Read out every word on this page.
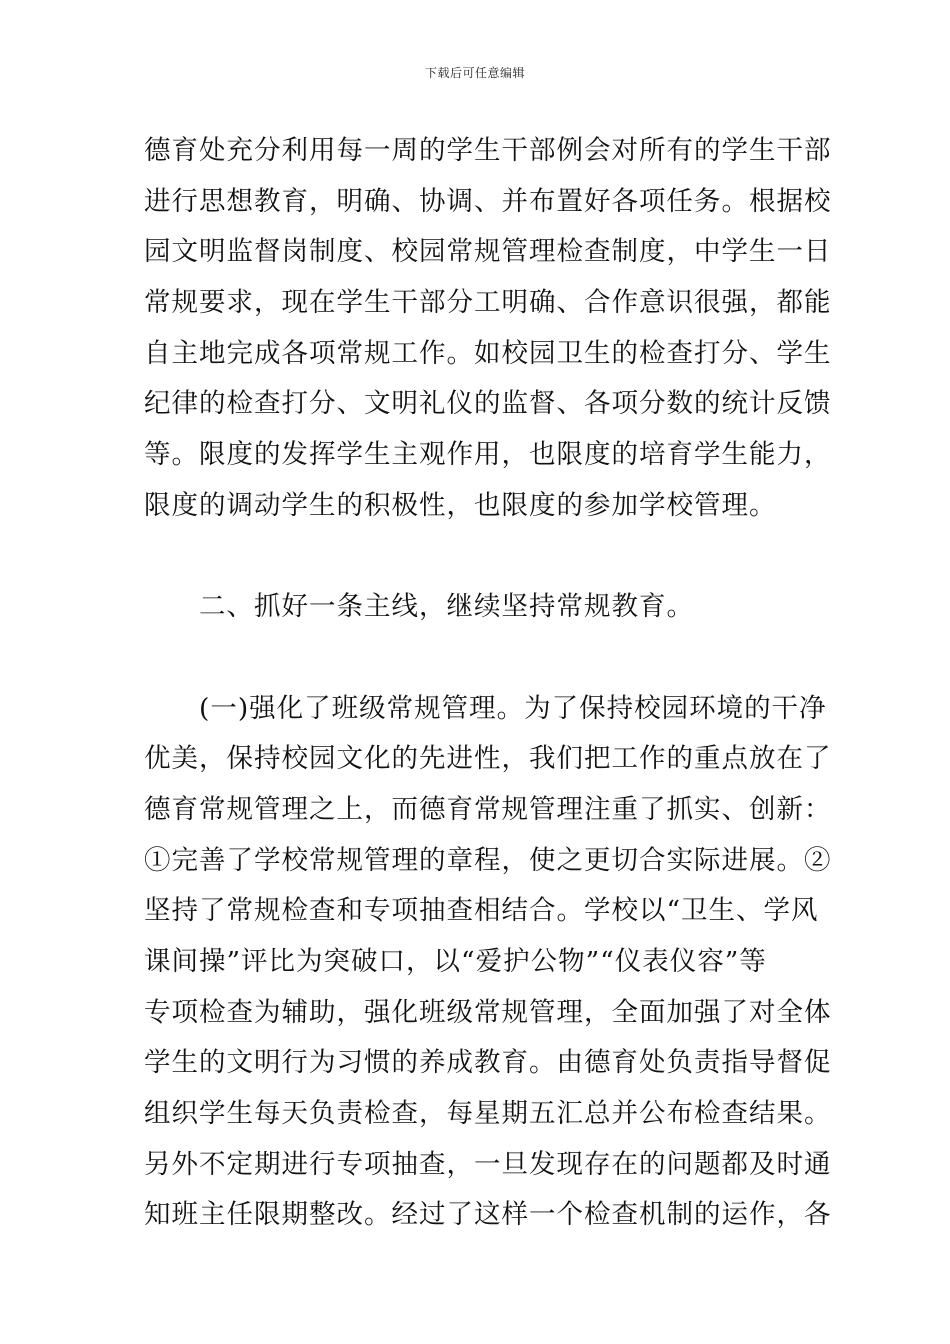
下载后可任意编辑
德育处充分利用每一周的学生干部例会对所有的学生干部
进行思想教育，明确、协调、并布置好各项任务。根据校
园文明监督岗制度、校园常规管理检查制度，中学生一日
常规要求，现在学生干部分工明确、合作意识很强，都能
自主地完成各项常规工作。如校园卫生的检查打分、学生
纪律的检查打分、文明礼仪的监督、各项分数的统计反馈
等。限度的发挥学生主观作用，也限度的培育学生能力，
限度的调动学生的积极性，也限度的参加学校管理。
　　二、抓好一条主线，继续坚持常规教育。
　　(一)强化了班级常规管理。为了保持校园环境的干净
优美，保持校园文化的先进性，我们把工作的重点放在了
德育常规管理之上，而德育常规管理注重了抓实、创新：
①完善了学校常规管理的章程，使之更切合实际进展。②
坚持了常规检查和专项抽查相结合。学校以“卫生、学风
课间操”评比为突破口，以“爱护公物”“仪表仪容”等
专项检查为辅助，强化班级常规管理，全面加强了对全体
学生的文明行为习惯的养成教育。由德育处负责指导督促
组织学生每天负责检查，每星期五汇总并公布检查结果。
另外不定期进行专项抽查，一旦发现存在的问题都及时通
知班主任限期整改。经过了这样一个检查机制的运作，各
